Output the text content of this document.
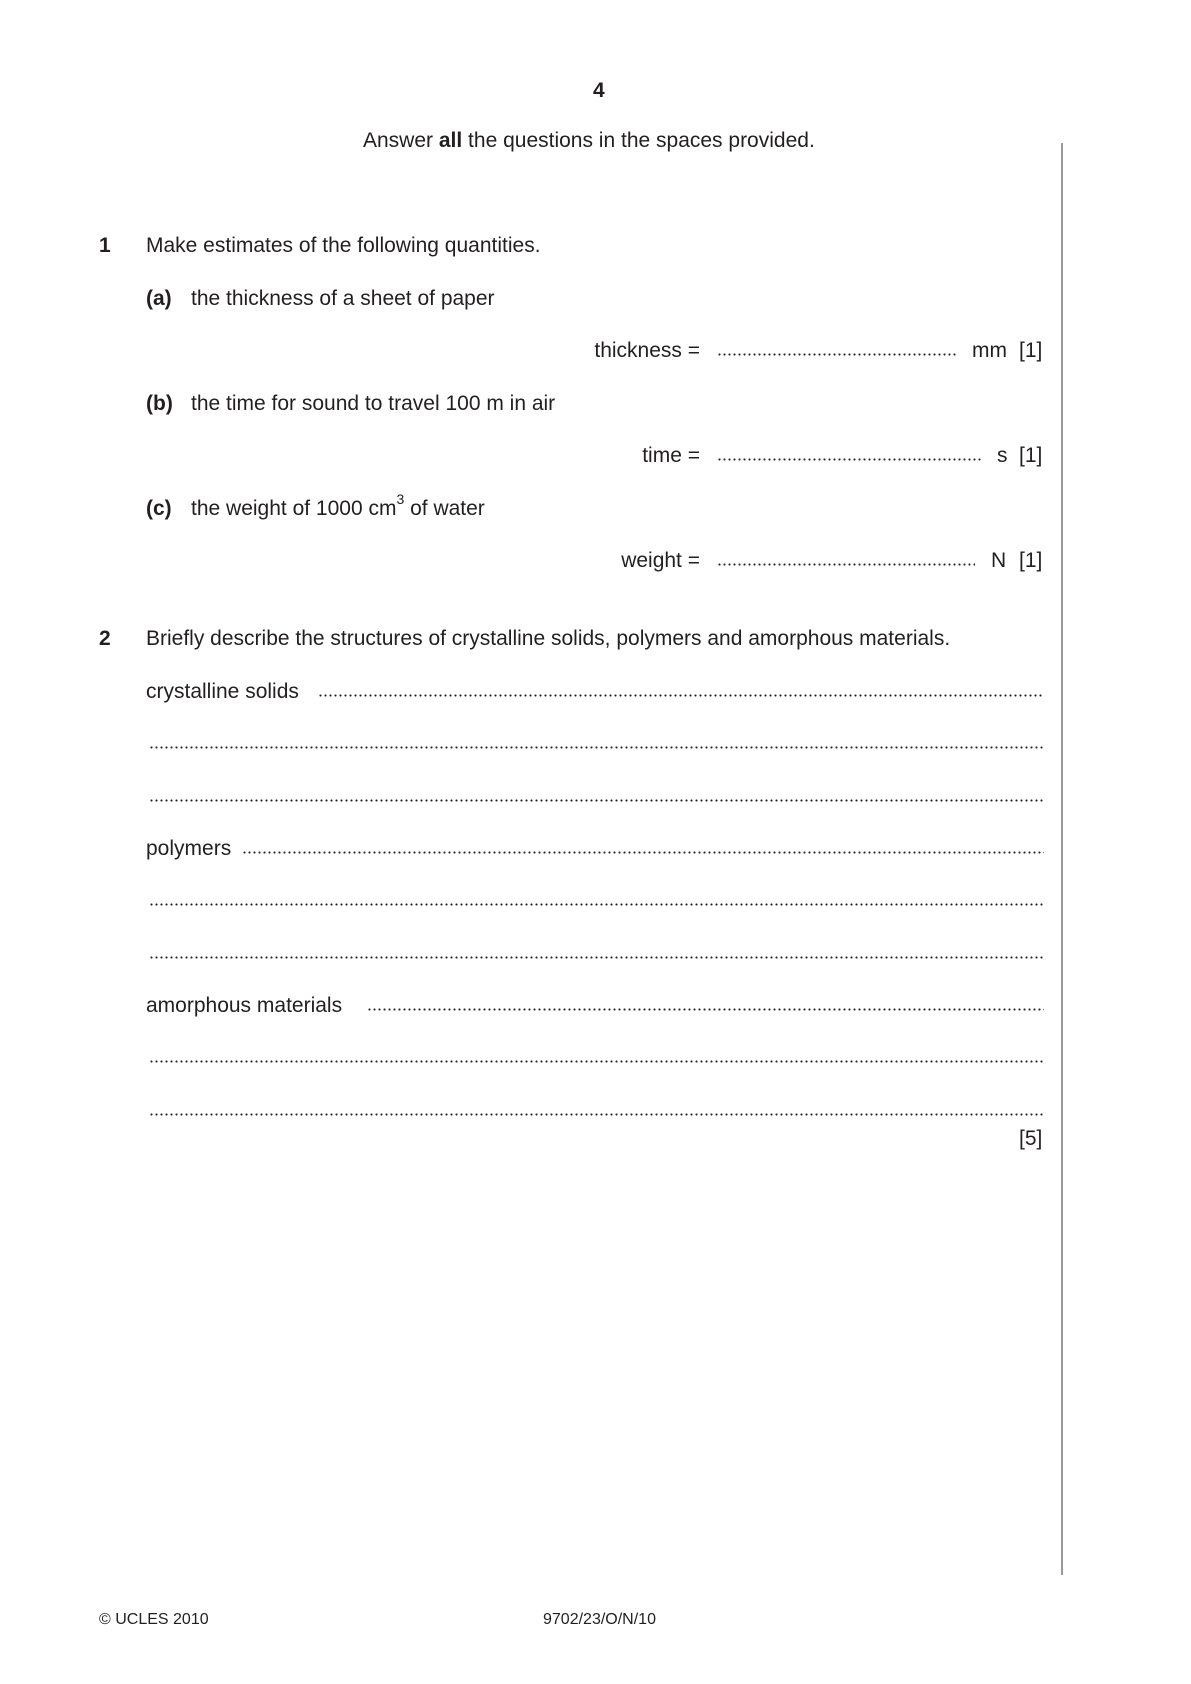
4
Answer all the questions in the spaces provided.
1 Make estimates of the following quantities.
(a) the thickness of a sheet of paper
thickness =	mm [1]
(b) the time for sound to travel 100 m in air
time =	s [1]
(c) the weight of 1000 $cm^3$ of water
weight =	N [1]
2 Briefly describe the structures of crystalline solids, polymers and amorphous materials.
crystalline solids
polymers
amorphous materials
[5]
© UCLES 2010	9702/23/O/N/10
